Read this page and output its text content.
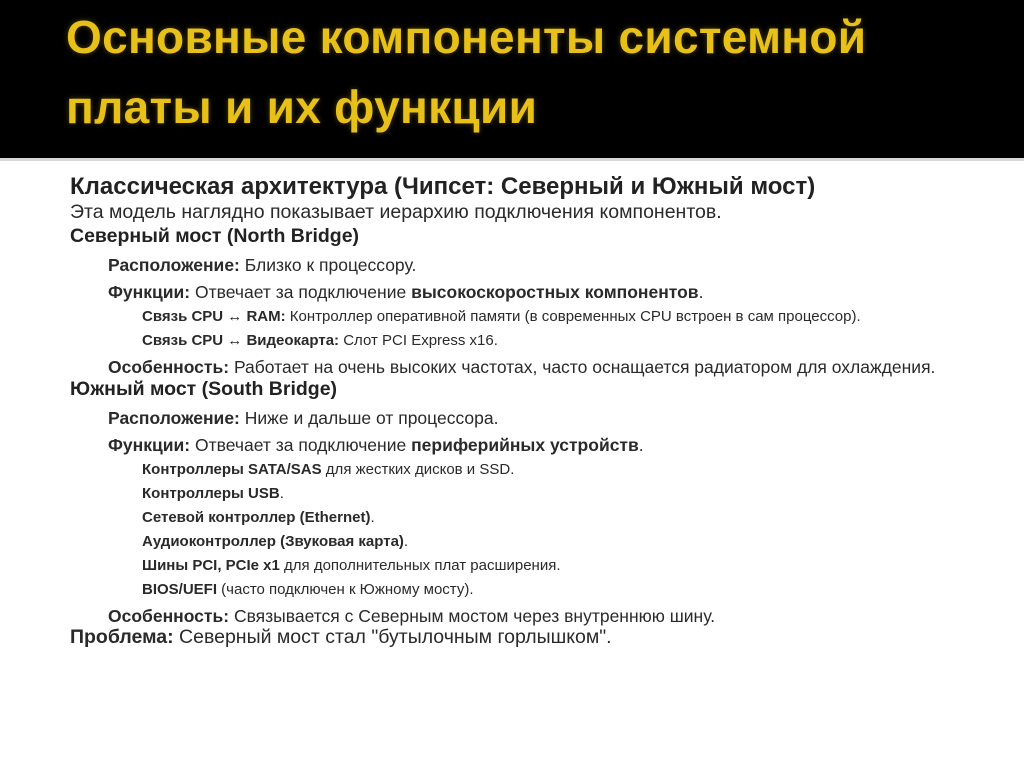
Основные компоненты системной
платы и их функции

Классическая архитектура (Чипсет: Северный и Южный мост)

Эта модель наглядно показывает иерархию подключения компонентов.

Северный мост (North Bridge)

Расположение: Близко к процессору.

Функции: Отвечает за подключение высокоскоростных компонентов.

Связь CPU ↔ RAM: Контроллер оперативной памяти (в современных CPU встроен в сам процессор).

Связь CPU ↔ Видеокарта: Слот PCI Express x16.

Особенность: Работает на очень высоких частотах, часто оснащается радиатором для охлаждения.

Южный мост (South Bridge)

Расположение: Ниже и дальше от процессора.

Функции: Отвечает за подключение периферийных устройств.

Контроллеры SATA/SAS для жестких дисков и SSD.

Контроллеры USB.

Сетевой контроллер (Ethernet).

Аудиоконтроллер (Звуковая карта).

Шины PCI, PCIe x1 для дополнительных плат расширения.

BIOS/UEFI (часто подключен к Южному мосту).

Особенность: Связывается с Северным мостом через внутреннюю шину.

Проблема: Северный мост стал "бутылочным горлышком".
